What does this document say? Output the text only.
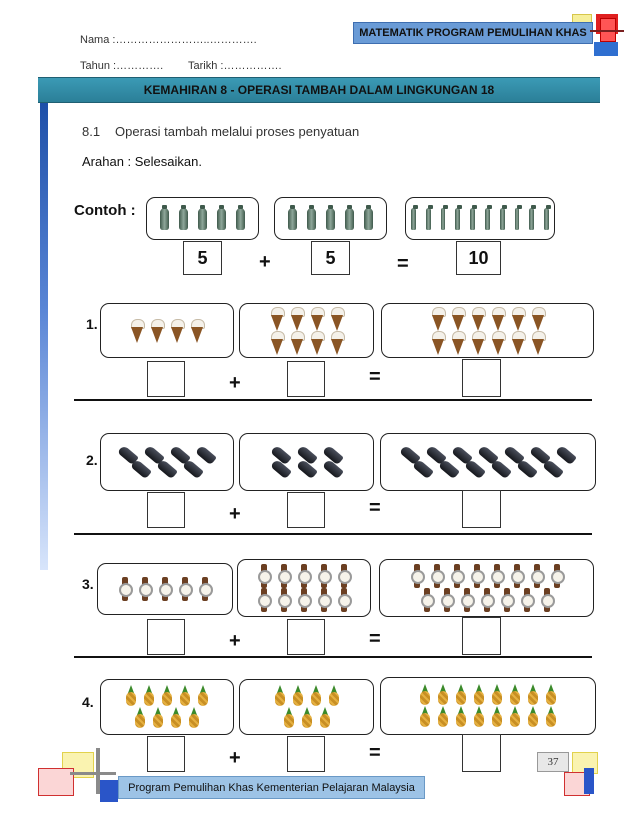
Nama :……………………..………….
Tahun :…………. Tarikh :…………….
MATEMATIK PROGRAM PEMULIHAN KHAS
KEMAHIRAN 8 - OPERASI TAMBAH DALAM LINGKUNGAN 18
8.1 Operasi tambah melalui proses penyatuan
Arahan : Selesaikan.
Contoh :
5	+	5	=	10
1.
+	=
2.
+	=
3.
+	=
4.
+	=
Program Pemulihan Khas Kementerian Pelajaran Malaysia
37
